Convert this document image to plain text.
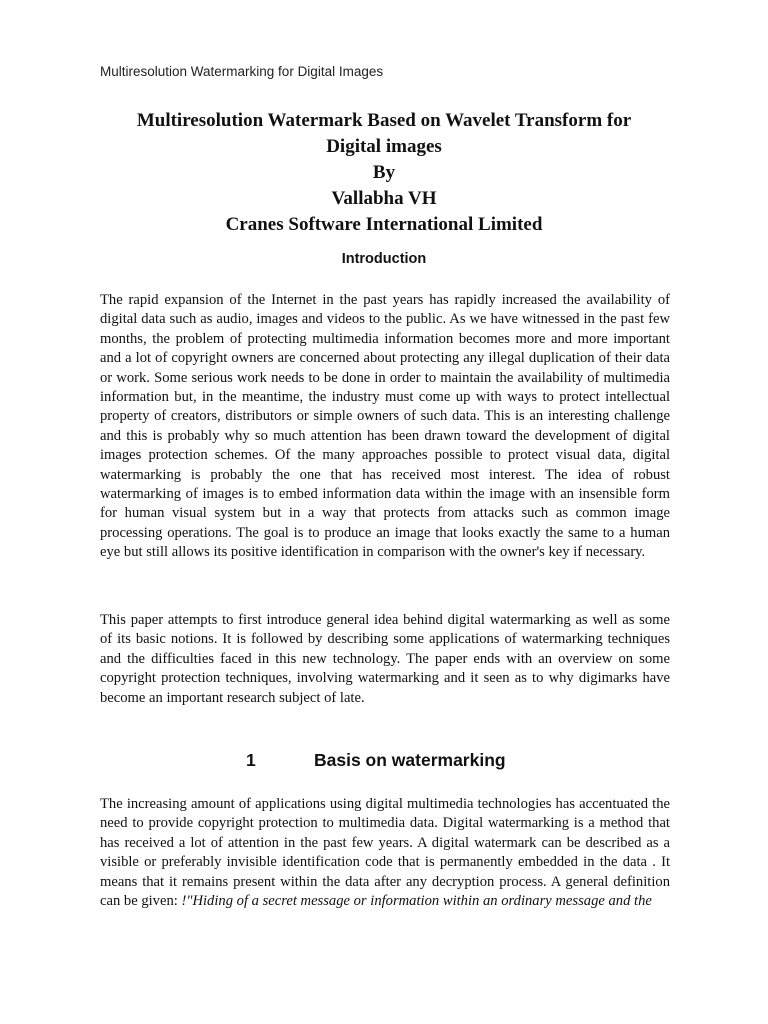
Multiresolution Watermarking for Digital Images
Multiresolution Watermark Based on Wavelet Transform for
Digital images
By
Vallabha VH
Cranes Software International Limited
Introduction

The rapid expansion of the Internet in the past years has rapidly increased the availability of digital data such as audio, images and videos to the public. As we have witnessed in the past few months, the problem of protecting multimedia information becomes more and more important and a lot of copyright owners are concerned about protecting any illegal duplication of their data or work. Some serious work needs to be done in order to maintain the availability of multimedia information but, in the meantime, the industry must come up with ways to protect intellectual property of creators, distributors or simple owners of such data. This is an interesting challenge and this is probably why so much attention has been drawn toward the development of digital images protection schemes. Of the many approaches possible to protect visual data, digital watermarking is probably the one that has received most interest. The idea of robust watermarking of images is to embed information data within the image with an insensible form for human visual system but in a way that protects from attacks such as common image processing operations. The goal is to produce an image that looks exactly the same to a human eye but still allows its positive identification in comparison with the owner's key if necessary.

This paper attempts to first introduce general idea behind digital watermarking as well as some of its basic notions. It is followed by describing some applications of watermarking techniques and the difficulties faced in this new technology. The paper ends with an overview on some copyright protection techniques, involving watermarking and it seen as to why digimarks have become an important research subject of late.

1	Basis on watermarking

The increasing amount of applications using digital multimedia technologies has accentuated the need to provide copyright protection to multimedia data. Digital watermarking is a method that has received a lot of attention in the past few years. A digital watermark can be described as a visible or preferably invisible identification code that is permanently embedded in the data . It means that it remains present within the data after any decryption process. A general definition can be given: !"Hiding of a secret message or information within an ordinary message and the
